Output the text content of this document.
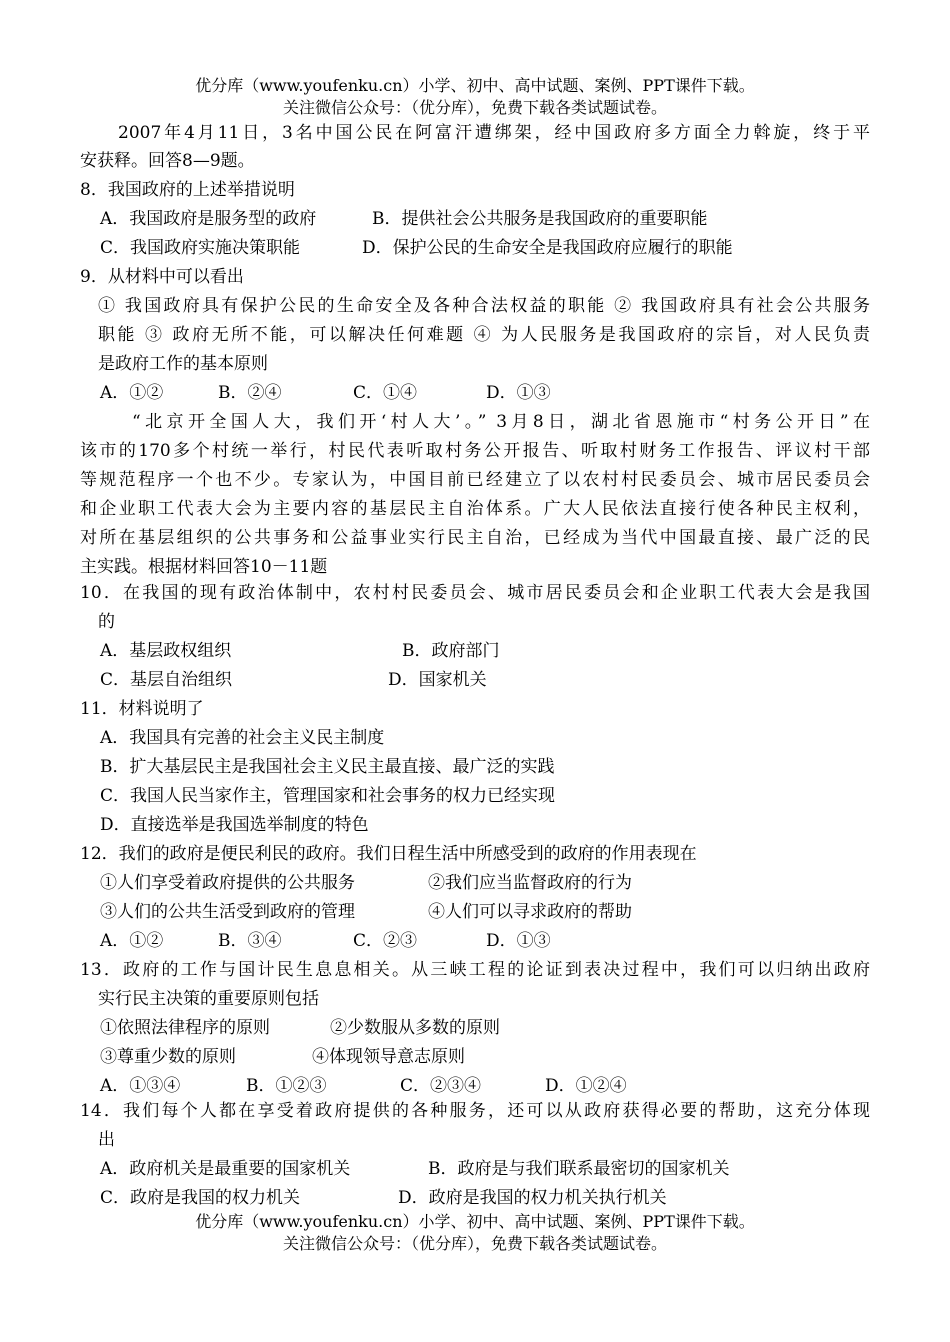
优分库（www.youfenku.cn）小学、初中、高中试题、案例、PPT课件下载。
关注微信公众号：（优分库），免费下载各类试题试卷。
2007年4月11日，3名中国公民在阿富汗遭绑架，经中国政府多方面全力斡旋，终于平
安获释。回答8—9题。
8．我国政府的上述举措说明
A．我国政府是服务型的政府	B．提供社会公共服务是我国政府的重要职能
C．我国政府实施决策职能	D．保护公民的生命安全是我国政府应履行的职能
9．从材料中可以看出
① 我国政府具有保护公民的生命安全及各种合法权益的职能 ② 我国政府具有社会公共服务
职能 ③ 政府无所不能，可以解决任何难题 ④ 为人民服务是我国政府的宗旨，对人民负责
是政府工作的基本原则
A．①②	B．②④	C．①④	D．①③
“北京开全国人大，我们开‘村人大’。” 3月8日，湖北省恩施市“村务公开日”在
该市的170多个村统一举行，村民代表听取村务公开报告、听取村财务工作报告、评议村干部
等规范程序一个也不少。专家认为，中国目前已经建立了以农村村民委员会、城市居民委员会
和企业职工代表大会为主要内容的基层民主自治体系。广大人民依法直接行使各种民主权利，
对所在基层组织的公共事务和公益事业实行民主自治，已经成为当代中国最直接、最广泛的民
主实践。根据材料回答10－11题
10．在我国的现有政治体制中，农村村民委员会、城市居民委员会和企业职工代表大会是我国
的
A．基层政权组织	B．政府部门
C．基层自治组织	D．国家机关
11．材料说明了
A．我国具有完善的社会主义民主制度
B．扩大基层民主是我国社会主义民主最直接、最广泛的实践
C．我国人民当家作主，管理国家和社会事务的权力已经实现
D．直接选举是我国选举制度的特色
12．我们的政府是便民利民的政府。我们日程生活中所感受到的政府的作用表现在
①人们享受着政府提供的公共服务	②我们应当监督政府的行为
③人们的公共生活受到政府的管理	④人们可以寻求政府的帮助
A．①②	B．③④	C．②③	D．①③
13．政府的工作与国计民生息息相关。从三峡工程的论证到表决过程中，我们可以归纳出政府
实行民主决策的重要原则包括
①依照法律程序的原则	②少数服从多数的原则
③尊重少数的原则	④体现领导意志原则
A．①③④	B．①②③	C．②③④	D．①②④
14．我们每个人都在享受着政府提供的各种服务，还可以从政府获得必要的帮助，这充分体现
出
A．政府机关是最重要的国家机关	B．政府是与我们联系最密切的国家机关
C．政府是我国的权力机关	D．政府是我国的权力机关执行机关
优分库（www.youfenku.cn）小学、初中、高中试题、案例、PPT课件下载。
关注微信公众号：（优分库），免费下载各类试题试卷。
